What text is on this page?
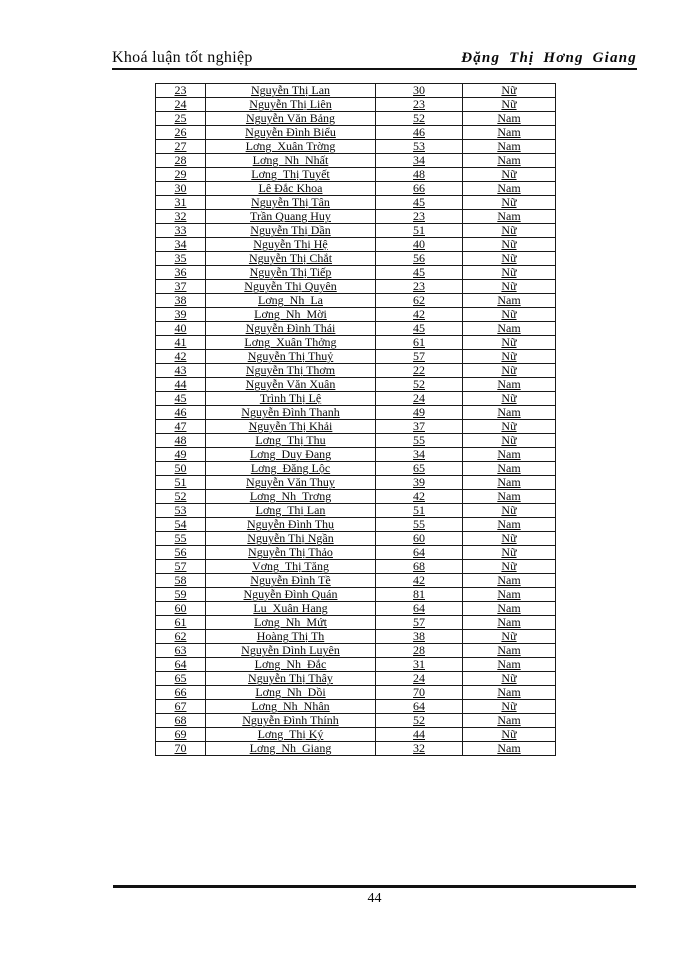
Khoá luận tốt nghiệp	Đặng Thị Hơng Giang
23	Nguyễn Thị Lan	30	Nữ
24	Nguyễn Thị Liên	23	Nữ
25	Nguyễn Văn Bảng	52	Nam
26	Nguyễn Đình Biểu	46	Nam
27	Lơng  Xuân Trờng	53	Nam
28	Lơng  Nh  Nhất	34	Nam
29	Lơng  Thị Tuyết	48	Nữ
30	Lê Đắc Khoa	66	Nam
31	Nguyễn Thị Tân	45	Nữ
32	Trần Quang Huy	23	Nam
33	Nguyễn Thị Dần	51	Nữ
34	Nguyễn Thị Hệ	40	Nữ
35	Nguyễn Thị Chắt	56	Nữ
36	Nguyễn Thị Tiếp	45	Nữ
37	Nguyễn Thị Quyên	23	Nữ
38	Lơng  Nh  La	62	Nam
39	Lơng  Nh  Mời	42	Nữ
40	Nguyễn Đình Thái	45	Nam
41	Lơng  Xuân Thởng	61	Nữ
42	Nguyễn Thị Thuỷ	57	Nữ
43	Nguyễn Thị Thơm	22	Nữ
44	Nguyễn Văn Xuân	52	Nam
45	Trình Thị Lệ	24	Nữ
46	Nguyễn Đình Thanh	49	Nam
47	Nguyễn Thị Khải	37	Nữ
48	Lơng  Thị Thu	55	Nữ
49	Lơng  Duy Đang	34	Nam
50	Lơng  Đăng Lộc	65	Nam
51	Nguyễn Văn Thuy	39	Nam
52	Lơng  Nh  Trơng	42	Nam
53	Lơng  Thị Lan	51	Nữ
54	Nguyễn Đình Thụ	55	Nam
55	Nguyễn Thị Ngần	60	Nữ
56	Nguyễn Thị Thảo	64	Nữ
57	Vơng  Thị Tăng	68	Nữ
58	Nguyễn Đình Tề	42	Nam
59	Nguyễn Đình Quán	81	Nam
60	Lu  Xuân Hang	64	Nam
61	Lơng  Nh  Mứt	57	Nam
62	Hoàng Thị Th	38	Nữ
63	Nguyễn Dình Luyên	28	Nam
64	Lơng  Nh  Đắc	31	Nam
65	Nguyễn Thị Thây	24	Nữ
66	Lơng  Nh  Dồi	70	Nam
67	Lơng  Nh  Nhân	64	Nữ
68	Nguyễn Đình Thính	52	Nam
69	Lơng  Thị Ký	44	Nữ
70	Lơng  Nh  Giang	32	Nam
44
